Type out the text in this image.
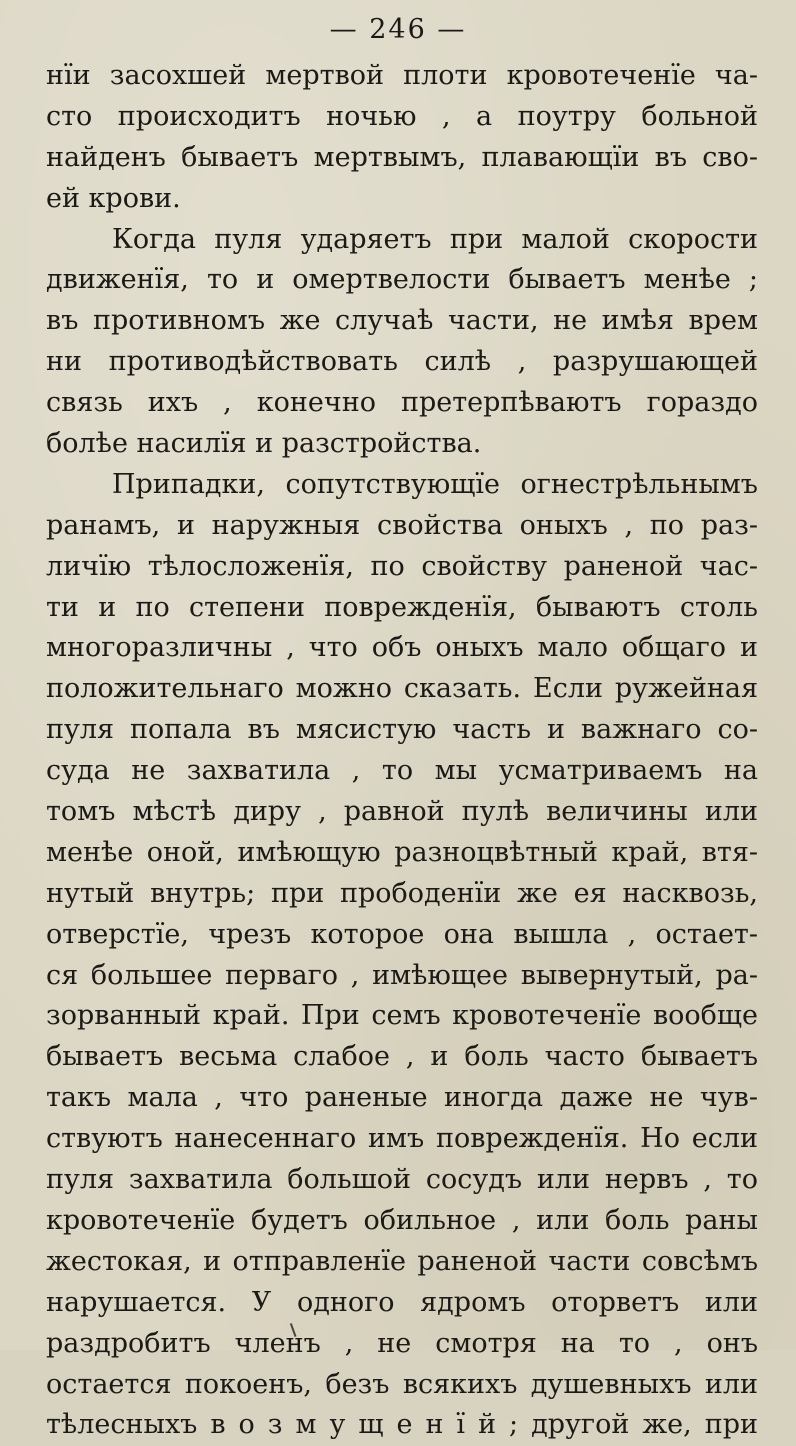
— 246 —
нїи засохшей мертвой плоти кровотеченїе ча-
сто происходитъ ночью , а поутру больной
найденъ бываетъ мертвымъ, плавающїи въ сво-
ей крови.
Когда пуля ударяетъ при малой скорости
движенїя, то и омертвелости бываетъ менѣе ;
въ противномъ же случаѣ части, не имѣя врем
ни противодѣйствовать силѣ , разрушающей
связь ихъ , конечно претерпѣваютъ гораздо
болѣе насилїя и разстройства.
Припадки, сопутствующїе огнестрѣльнымъ
ранамъ, и наружныя свойства оныхъ , по раз-
личїю тѣлосложенїя, по свойству раненой час-
ти и по степени поврежденїя, бываютъ столь
многоразличны , что объ оныхъ мало общаго и
положительнаго можно сказать. Если ружейная
пуля попала въ мясистую часть и важнаго со-
суда не захватила , то мы усматриваемъ на
томъ мѣстѣ диру , равной пулѣ величины или
менѣе оной, имѣющую разноцвѣтный край, втя-
нутый внутрь; при прободенїи же ея насквозь,
отверстїе, чрезъ которое она вышла , остает-
ся большее перваго , имѣющее вывернутый, ра-
зорванный край. При семъ кровотеченїе вообще
бываетъ весьма слабое , и боль часто бываетъ
такъ мала , что раненые иногда даже не чув-
ствуютъ нанесеннаго имъ поврежденїя. Но если
пуля захватила большой сосудъ или нервъ , то
кровотеченїе будетъ обильное , или боль раны
жестокая, и отправленїе раненой части совсѣмъ
нарушается. У одного ядромъ оторветъ или
раздробитъ членъ , не смотря на то , онъ
остается покоенъ, безъ всякихъ душевныхъ или
тѣлесныхъ в о з м у щ е н ї й ; другой же, при
